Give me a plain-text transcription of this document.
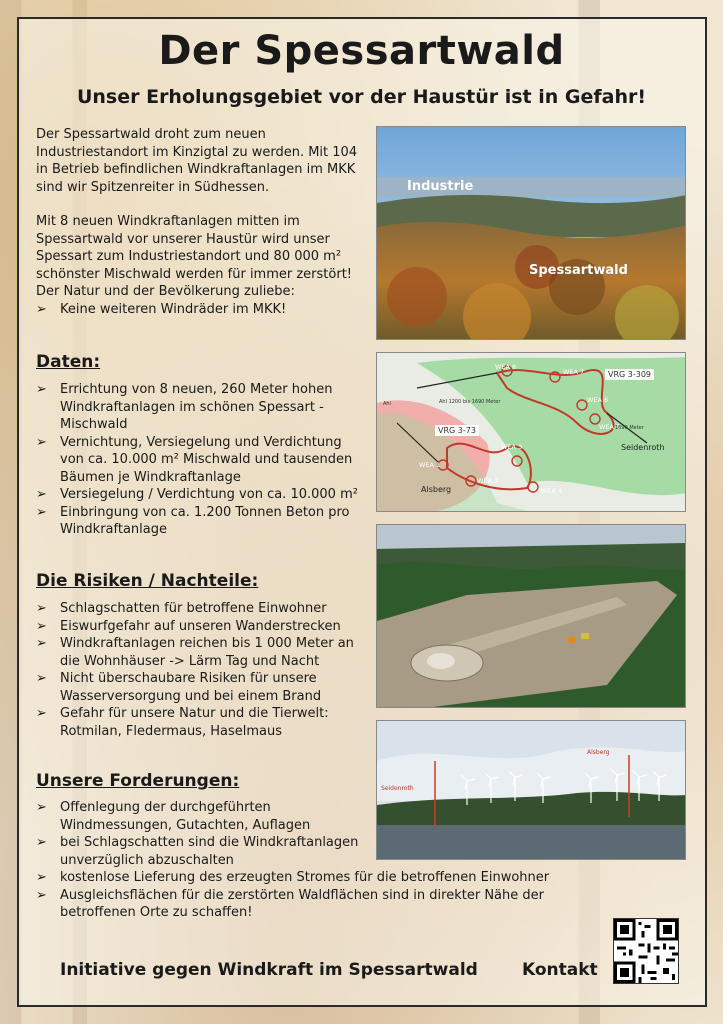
Der Spessartwald
Unser Erholungsgebiet vor der Haustür ist in Gefahr!

Der Spessartwald droht zum neuen Industriestandort im Kinzigtal zu werden. Mit 104 in Betrieb befindlichen Windkraftanlagen im MKK sind wir Spitzenreiter in Südhessen.

Mit 8 neuen Windkraftanlagen mitten im Spessartwald vor unserer Haustür wird unser Spessart zum Industriestandort und 80 000 m² schönster Mischwald werden für immer zerstört!

Der Natur und der Bevölkerung zuliebe:

➢ Keine weiteren Windräder im MKK!
Daten:
➢ Errichtung von 8 neuen, 260 Meter hohen Windkraftanlagen im schönen Spessart - Mischwald
➢ Vernichtung, Versiegelung und Verdichtung von ca. 10.000 m² Mischwald und tausenden Bäumen je Windkraftanlage
➢ Versiegelung / Verdichtung von ca. 10.000 m²
➢ Einbringung von ca. 1.200 Tonnen Beton pro Windkraftanlage
Die Risiken / Nachteile:
➢ Schlagschatten für betroffene Einwohner
➢ Eiswurfgefahr auf unseren Wanderstrecken
➢ Windkraftanlagen reichen bis 1 000 Meter an die Wohnhäuser -> Lärm Tag und Nacht
➢ Nicht überschaubare Risiken für unsere Wasserversorgung und bei einem Brand
➢ Gefahr für unsere Natur und die Tierwelt: Rotmilan, Fledermaus, Haselmaus
Unsere Forderungen:
➢ Offenlegung der durchgeführten Windmessungen, Gutachten, Auflagen
➢ bei Schlagschatten sind die Windkraftanlagen unverzüglich abzuschalten
➢ kostenlose Lieferung des erzeugten Stromes für die betroffenen Einwohner
➢ Ausgleichsflächen für die zerstörten Waldflächen sind in direkter Nähe der betroffenen Orte zu schaffen!
Industrie
Spessartwald
VRG 3-309
VRG 3-73
WEA 8
WEA 7
WEA 6
WEA 5
WEA 3
WEA 2
WEA 1
WEA 4
Seidenroth
Alsberg
Ahl 1200 bis 1690 Meter
1690 Meter
Ahl
Seidenroth
Alsberg
Initiative gegen Windkraft im Spessartwald	Kontakt
